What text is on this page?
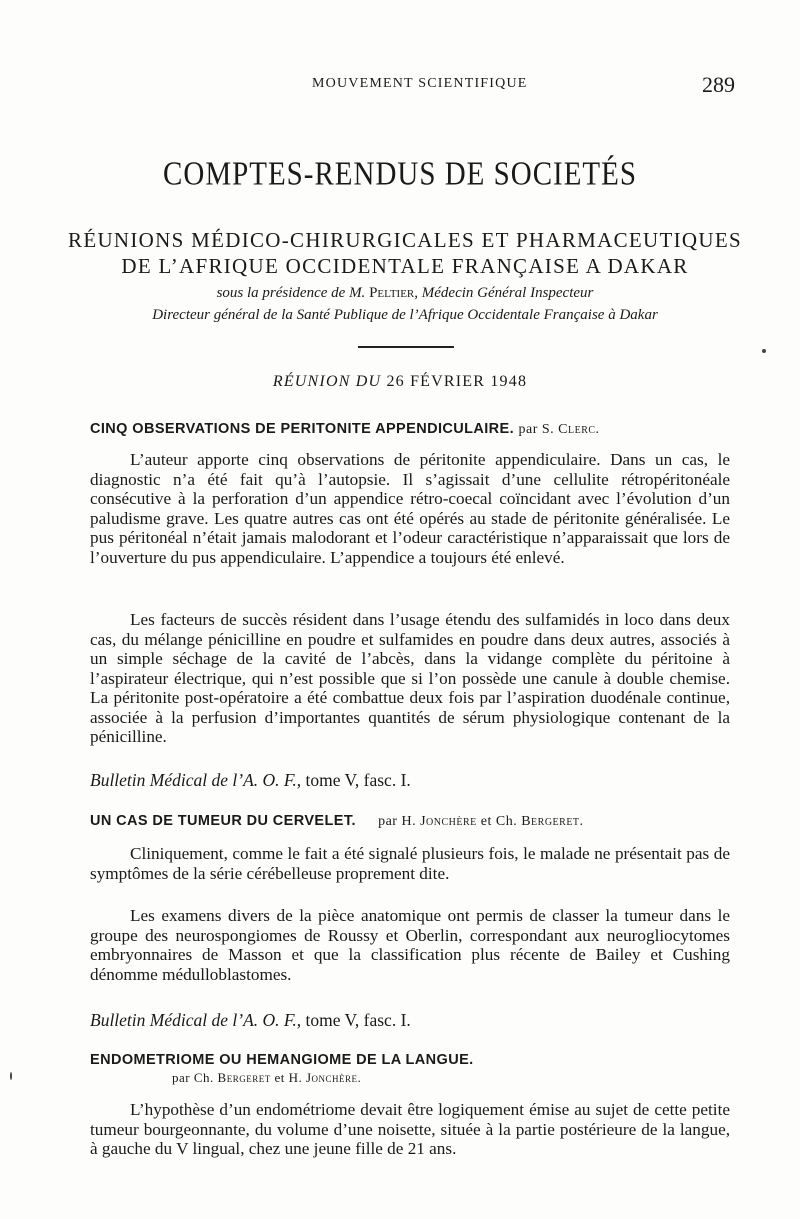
MOUVEMENT SCIENTIFIQUE	289
COMPTES-RENDUS DE SOCIETÉS
RÉUNIONS MÉDICO-CHIRURGICALES ET PHARMACEUTIQUES
DE L’AFRIQUE OCCIDENTALE FRANÇAISE A DAKAR
sous la présidence de M. Peltier, Médecin Général Inspecteur
Directeur général de la Santé Publique de l’Afrique Occidentale Française à Dakar
RÉUNION DU 26 FÉVRIER 1948
CINQ OBSERVATIONS DE PERITONITE APPENDICULAIRE. par S. Clerc.

L’auteur apporte cinq observations de péritonite appendiculaire. Dans un cas, le diagnostic n’a été fait qu’à l’autopsie. Il s’agissait d’une cellulite rétropéritonéale consécutive à la perforation d’un appendice rétro-coecal coïncidant avec l’évolution d’un paludisme grave. Les quatre autres cas ont été opérés au stade de péritonite généralisée. Le pus péritonéal n’était jamais malodorant et l’odeur caractéristique n’apparaissait que lors de l’ouverture du pus appendiculaire. L’appendice a toujours été enlevé.

Les facteurs de succès résident dans l’usage étendu des sulfamidés in loco dans deux cas, du mélange pénicilline en poudre et sulfamides en poudre dans deux autres, associés à un simple séchage de la cavité de l’abcès, dans la vidange complète du péritoine à l’aspirateur électrique, qui n’est possible que si l’on possède une canule à double chemise. La péritonite post-opératoire a été combattue deux fois par l’aspiration duodénale continue, associée à la perfusion d’importantes quantités de sérum physiologique contenant de la pénicilline.

Bulletin Médical de l’A. O. F., tome V, fasc. I.
UN CAS DE TUMEUR DU CERVELET. par H. Jonchère et Ch. Bergeret.

Cliniquement, comme le fait a été signalé plusieurs fois, le malade ne présentait pas de symptômes de la série cérébelleuse proprement dite.

Les examens divers de la pièce anatomique ont permis de classer la tumeur dans le groupe des neurospongiomes de Roussy et Oberlin, correspondant aux neurogliocytomes embryonnaires de Masson et que la classification plus récente de Bailey et Cushing dénomme médulloblastomes.

Bulletin Médical de l’A. O. F., tome V, fasc. I.
ENDOMETRIOME OU HEMANGIOME DE LA LANGUE.
par Ch. Bergeret et H. Jonchère.

L’hypothèse d’un endométriome devait être logiquement émise au sujet de cette petite tumeur bourgeonnante, du volume d’une noisette, située à la partie postérieure de la langue, à gauche du V lingual, chez une jeune fille de 21 ans.
